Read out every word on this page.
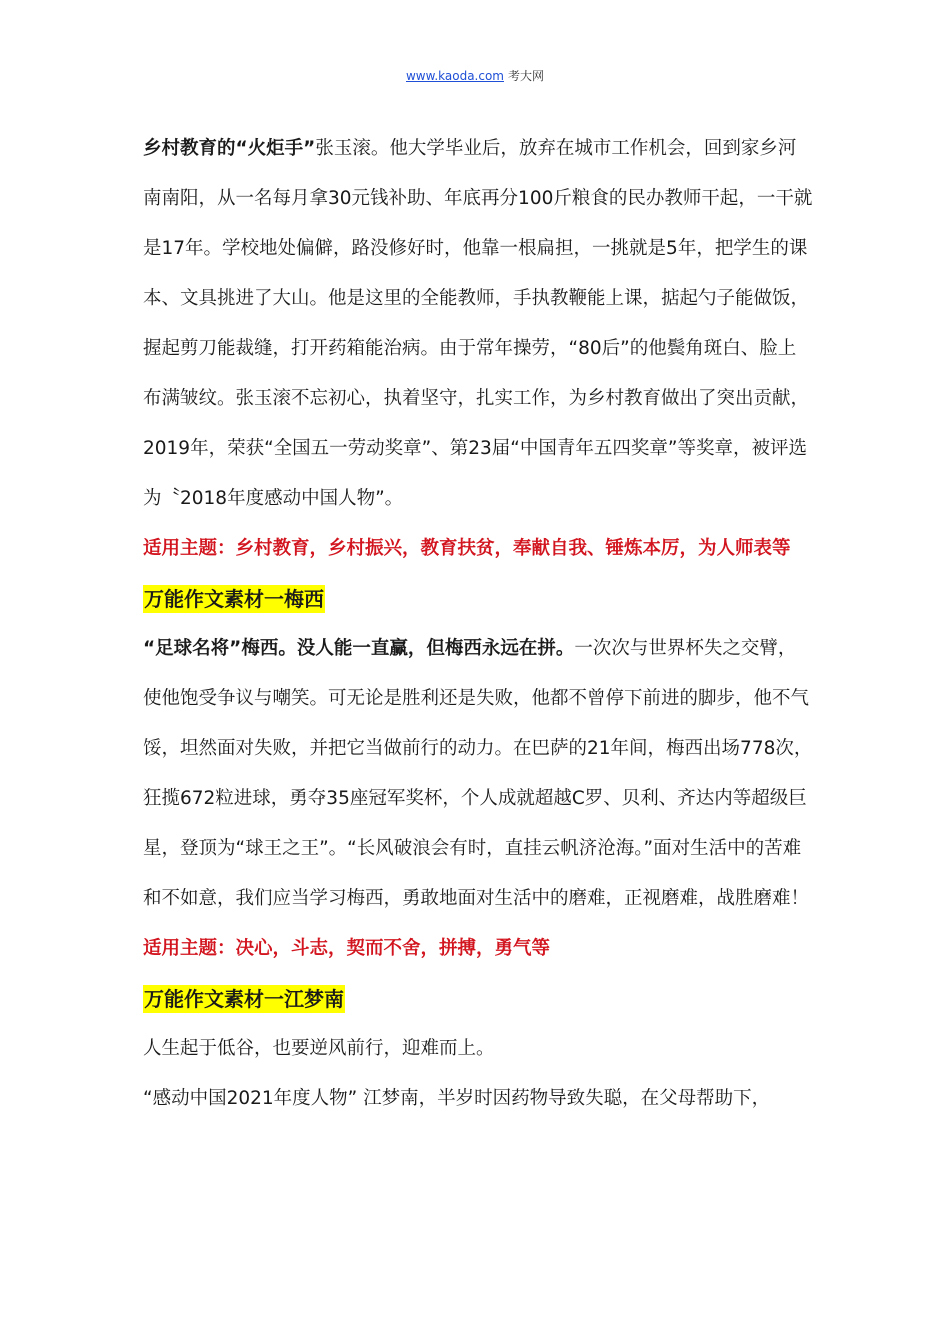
www.kaoda.com 考大网

乡村教育的“火炬手”张玉滚。他大学毕业后，放弃在城市工作机会，回到家乡河南南阳，从一名每月拿30元钱补助、年底再分100斤粮食的民办教师干起，一干就是17年。学校地处偏僻，路没修好时，他靠一根扁担，一挑就是5年，把学生的课本、文具挑进了大山。他是这里的全能教师，手执教鞭能上课，掂起勺子能做饭，握起剪刀能裁缝，打开药箱能治病。由于常年操劳，“80后”的他鬓角斑白、脸上布满皱纹。张玉滚不忘初心，执着坚守，扎实工作，为乡村教育做出了突出贡献，2019年，荣获“全国五一劳动奖章”、第23届“中国青年五四奖章”等奖章，被评选为〝2018年度感动中国人物”。

适用主题：乡村教育，乡村振兴，教育扶贫，奉献自我、锤炼本厉，为人师表等

万能作文素材一梅西

“足球名将”梅西。没人能一直赢，但梅西永远在拼。一次次与世界杯失之交臂，使他饱受争议与嘲笑。可无论是胜利还是失败，他都不曾停下前进的脚步，他不气馁，坦然面对失败，并把它当做前行的动力。在巴萨的21年间，梅西出场778次，狂揽672粒进球，勇夺35座冠军奖杯，个人成就超越C罗、贝利、齐达内等超级巨星，登顶为“球王之王”。“长风破浪会有时，直挂云帆济沧海。”面对生活中的苦难和不如意，我们应当学习梅西，勇敢地面对生活中的磨难，正视磨难，战胜磨难！

适用主题：决心，斗志，契而不舍，拼搏，勇气等

万能作文素材一江梦南

人生起于低谷，也要逆风前行，迎难而上。

“感动中国2021年度人物” 江梦南，半岁时因药物导致失聪，在父母帮助下，
